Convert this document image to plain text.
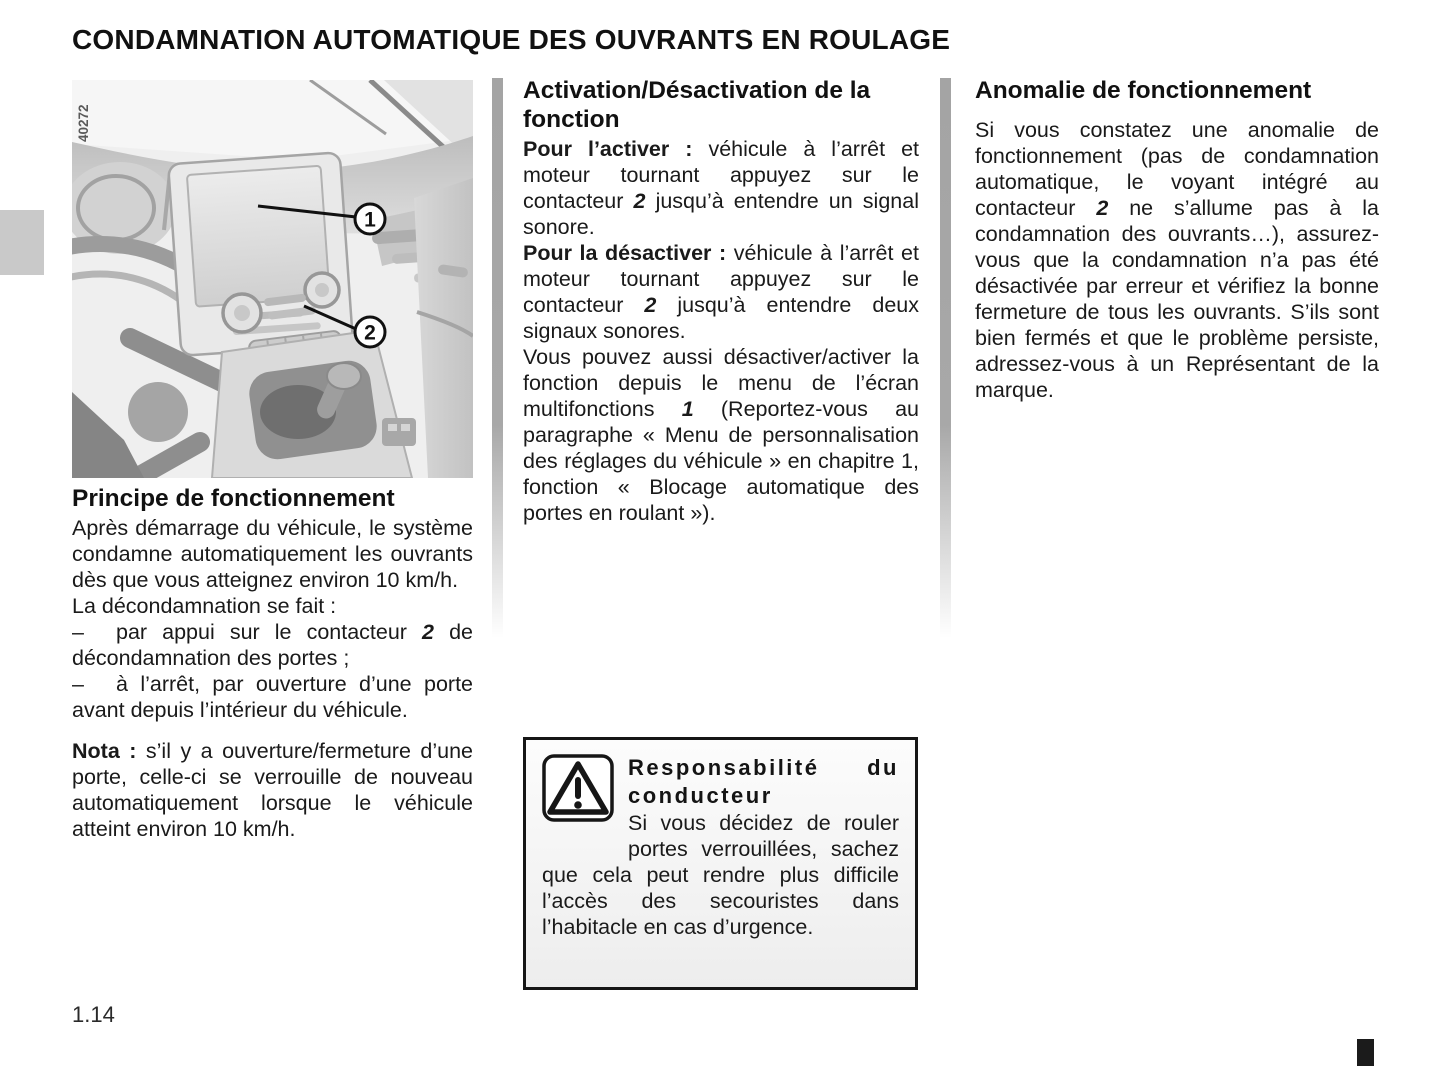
CONDAMNATION AUTOMATIQUE DES OUVRANTS EN ROULAGE
40272
1
2
Principe de fonctionnement

Après démarrage du véhicule, le système condamne automatiquement les ouvrants dès que vous atteignez environ 10 km/h.

La décondamnation se fait :

– par appui sur le contacteur 2 de décondamnation des portes ;

– à l’arrêt, par ouverture d’une porte avant depuis l’intérieur du véhicule.

Nota : s’il y a ouverture/fermeture d’une porte, celle-ci se verrouille de nouveau automatiquement lorsque le véhicule atteint environ 10 km/h.

Activation/Désactivation de la fonction

Pour l’activer : véhicule à l’arrêt et moteur tournant appuyez sur le contacteur 2 jusqu’à entendre un signal sonore.

Pour la désactiver : véhicule à l’arrêt et moteur tournant appuyez sur le contacteur 2 jusqu’à entendre deux signaux sonores.

Vous pouvez aussi désactiver/activer la fonction depuis le menu de l’écran multifonctions 1 (Reportez-vous au paragraphe « Menu de personnalisation des réglages du véhicule » en chapitre 1, fonction « Blocage automatique des portes en roulant »).

Anomalie de fonctionnement

Si vous constatez une anomalie de fonctionnement (pas de condamnation automatique, le voyant intégré au contacteur 2 ne s’allume pas à la condamnation des ouvrants…), assurez-vous que la condamnation n’a pas été désactivée par erreur et vérifiez la bonne fermeture de tous les ouvrants. S’ils sont bien fermés et que le problème persiste, adressez-vous à un Représentant de la marque.

Responsabilité du conducteur

Si vous décidez de rouler portes verrouillées, sachez que cela peut rendre plus difficile l’accès des secouristes dans l’habitacle en cas d’urgence.

1.14
